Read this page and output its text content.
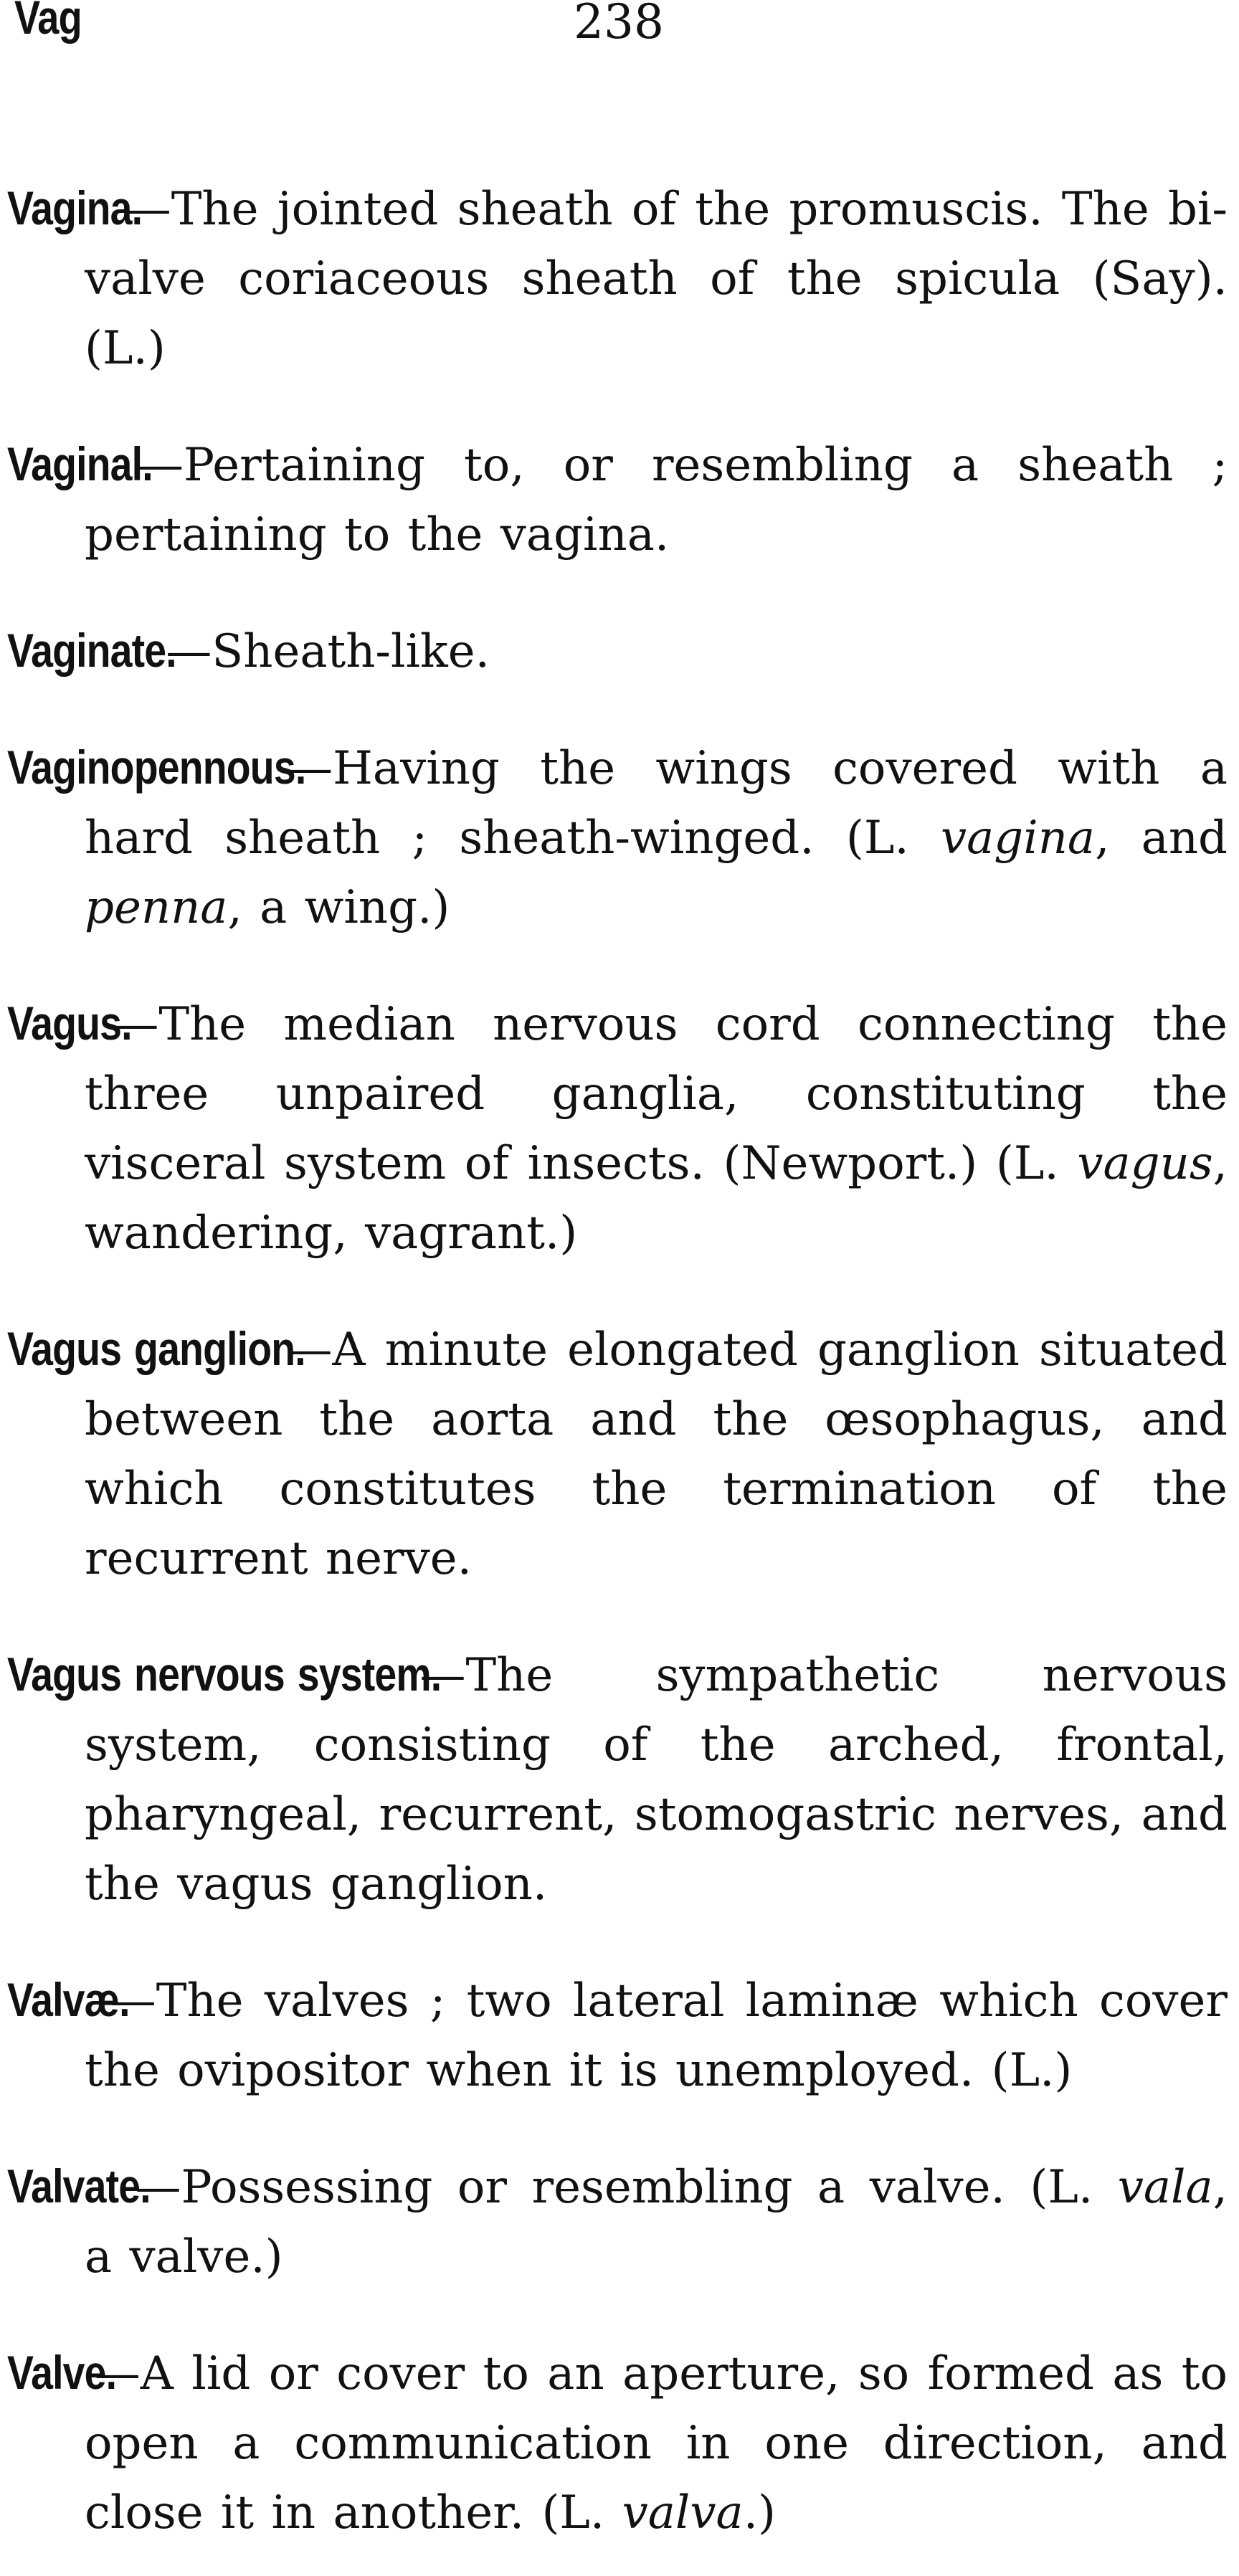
Vag	238

Vagina.—The jointed sheath of the promuscis. The bi-valve coriaceous sheath of the spicula (Say). (L.)

Vaginal.—Pertaining to, or resembling a sheath ; pertaining to the vagina.

Vaginate.—Sheath-like.

Vaginopennous.—Having the wings covered with a hard sheath ; sheath-winged. (L. vagina, and penna, a wing.)

Vagus.—The median nervous cord connecting the three unpaired ganglia, constituting the visceral system of insects. (Newport.) (L. vagus, wandering, vagrant.)

Vagus ganglion.—A minute elongated ganglion situated between the aorta and the œsophagus, and which constitutes the termination of the recurrent nerve.

Vagus nervous system.—The sympathetic nervous system, consisting of the arched, frontal, pharyngeal, recurrent, stomogastric nerves, and the vagus ganglion.

Valvæ.—The valves ; two lateral laminæ which cover the ovipositor when it is unemployed. (L.)

Valvate.—Possessing or resembling a valve. (L. vala, a valve.)

Valve.—A lid or cover to an aperture, so formed as to open a communication in one direction, and close it in another. (L. valva.)
